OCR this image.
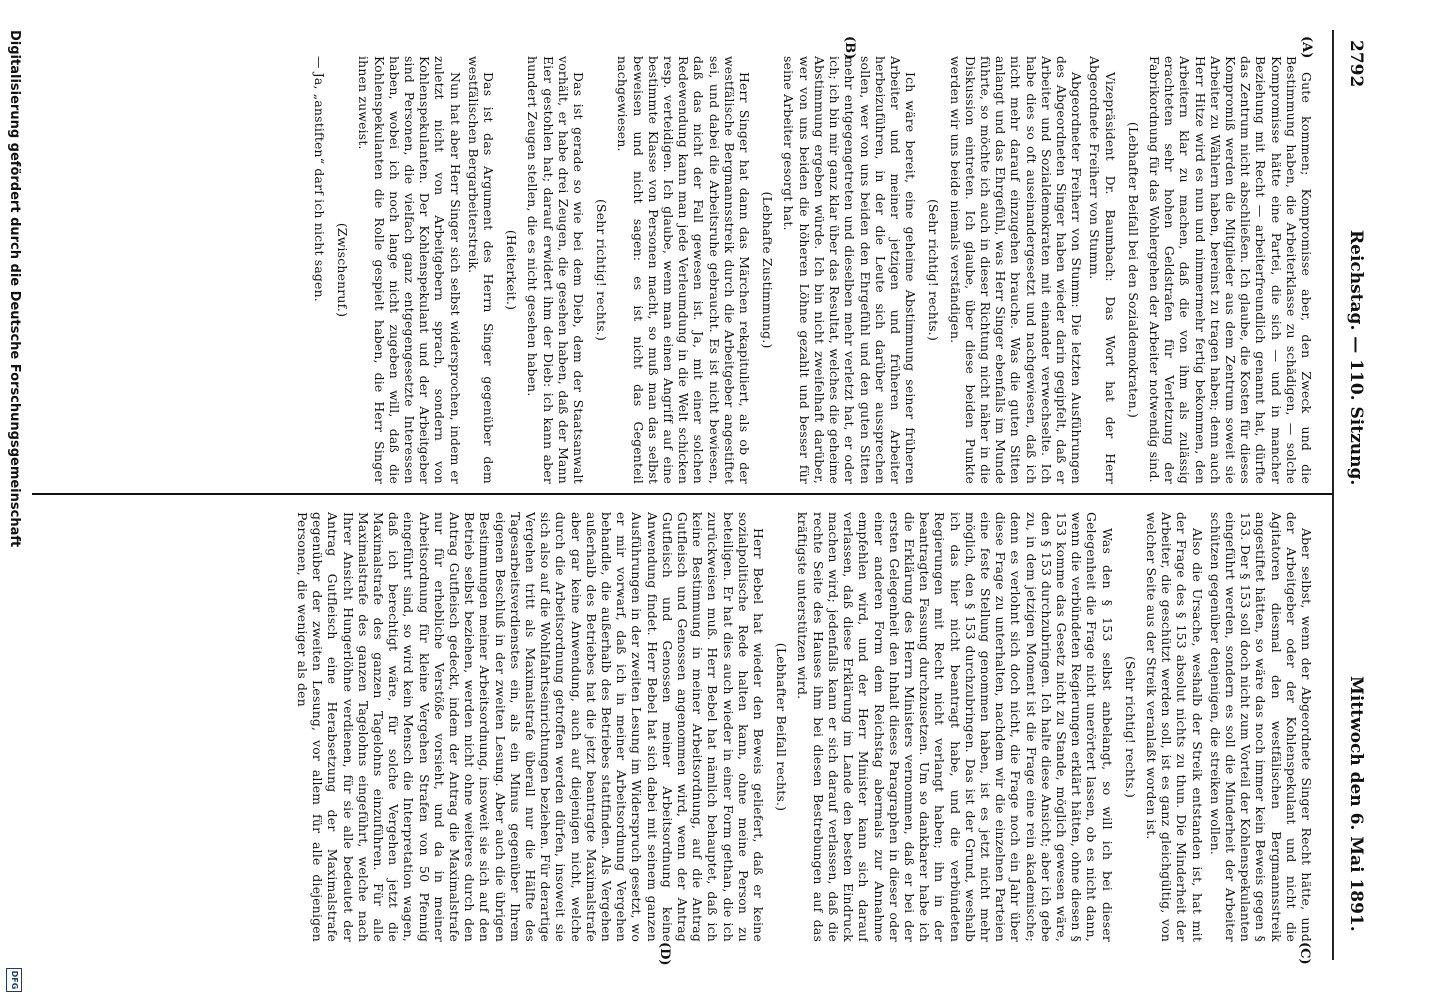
2792
Reichstag. — 110. Sitzung.
Mittwoch den 6. Mai 1891.
(A)
(B)
(C)
(D)

Gute kommen; Kompromisse aber, den Zweck und die Bestimmung haben, die Arbeiterklasse zu schädigen, — solche Kompromisse hätte eine Partei, die sich — und in mancher Beziehung mit Recht — arbeiterfreundlich genannt hat, dürfte das Zentrum nicht abschließen. Ich glaube, die Kosten für dieses Kompromiß werden die Mitglieder aus dem Zentrum soweit sie Arbeiter zu Wählern haben, bereinst zu tragen haben; denn auch Herr Hitze wird es nun und nimmermehr fertig bekommen, den Arbeitern klar zu machen, daß die von ihm als zulässig erachteten sehr hohen Geldstrafen für Verletzung der Fabrikordnung für das Wohlergehen der Arbeiter notwendig sind.

(Lebhafter Beifall bei den Sozialdemokraten.)

Vizepräsident Dr. Baumbach: Das Wort hat der Herr Abgeordnete Freiherr von Stumm.

Abgeordneter Freiherr von Stumm: Die letzten Ausführungen des Abgeordneten Singer haben wieder darin gegipfelt, daß er Arbeiter und Sozialdemokraten mit einander verwechselte. Ich habe dies so oft auseinandergesetzt und nachgewiesen, daß ich nicht mehr darauf einzugehen brauche. Was die guten Sitten anlangt und das Ehrgefühl, was Herr Singer ebenfalls im Munde führte, so möchte ich auch in dieser Richtung nicht näher in die Diskussion eintreten. Ich glaube, über diese beiden Punkte werden wir uns beide niemals verständigen.

(Sehr richtig! rechts.)

Ich wäre bereit, eine geheime Abstimmung seiner früheren Arbeiter und meiner jetzigen und früheren Arbeiter herbeizuführen, in der die Leute sich darüber aussprechen sollen, wer von uns beiden den Ehrgefühl und den guten Sitten mehr entgegengetreten und dieselben mehr verletzt hat, er oder ich; ich bin mir ganz klar über das Resultat, welches die geheime Abstimmung ergeben würde. Ich bin nicht zweifelhaft darüber, wer von uns beiden die höheren Löhne gezahlt und besser für seine Arbeiter gesorgt hat.

(Lebhafte Zustimmung.)

Herr Singer hat dann das Märchen rekapituliert, als ob der westfälische Bergmannsstreik durch die Arbeitgeber angestiftet sei, und dabei die Arbeitsruhe gebraucht. Es ist nicht bewiesen, daß das nicht der Fall gewesen ist. Ja, mit einer solchen Redewendung kann man jede Verleumdung in die Welt schicken resp. verteidigen. Ich glaube, wenn man einen Angriff auf eine bestimmte Klasse von Personen macht, so muß man das selbst beweisen und nicht sagen: es ist nicht das Gegenteil nachgewiesen.

(Sehr richtig! rechts.)

Das ist gerade so wie bei dem Dieb, dem der Staatsanwalt vorhält, er habe drei Zeugen, die gesehen haben, daß der Mann Eier gestohlen hat; darauf erwidert ihm der Dieb: ich kann aber hundert Zeugen stellen, die es nicht gesehen haben.

(Heiterkeit.)

Das ist das Argument des Herrn Singer gegenüber dem westfälischen Bergarbeiterstreik.

Nun hat aber Herr Singer sich selbst widersprochen, indem er zuletzt nicht von Arbeitgebern sprach, sondern von Kohlenspekulanten. Der Kohlenspekulant und der Arbeitgeber sind Personen, die vielfach ganz entgegengesetzte Interessen haben, wobei ich noch lange nicht zugeben will, daß die Kohlenspekulanten die Rolle gespielt haben, die Herr Singer ihnen zuweist.

(Zwischenruf.)

— Ja, „anstiften“ darf ich nicht sagen.

Aber selbst, wenn der Abgeordnete Singer Recht hätte, und der Arbeitgeber oder der Kohlenspekulant und nicht die Agitatoren diesmal den westfälischen Bergmannsstreik angestiftet hätten, so wäre das noch immer kein Beweis gegen § 153. Der § 153 soll doch nicht zum Vorteil der Kohlenspekulanten eingeführt werden, sondern es soll die Minderheit der Arbeiter schützen gegenüber denjenigen, die streiken wollen.

Also die Ursache, weshalb der Streik entstanden ist, hat mit der Frage des § 153 absolut nichts zu thun. Die Minderheit der Arbeiter, die geschützt werden soll, ist es ganz gleichgültig, von welcher Seite aus der Streik veranlaßt worden ist.

(Sehr richtig! rechts.)

Was den § 153 selbst anbelangt, so will ich bei dieser Gelegenheit die Frage nicht unerörtert lassen, ob es nicht dann, wenn die verbündeten Regierungen erklärt hätten, ohne diesen § 153 komme das Gesetz nicht zu Stande, möglich gewesen wäre, den § 153 durchzubringen. Ich halte diese Ansicht; aber ich gebe zu, in dem jetzigen Moment ist die Frage eine rein akademische; denn es verlohnt sich doch nicht, die Frage noch ein Jahr über diese Frage zu unterhalten, nachdem wir die einzelnen Parteien eine feste Stellung genommen haben, ist es jetzt nicht mehr möglich, den § 153 durchzubringen. Das ist der Grund, weshalb ich das hier nicht beantragt habe, und die verbündeten Regierungen mit Recht nicht verlangt haben; ihn in der beantragten Fassung durchzusetzen. Um so dankbarer habe ich die Erklärung des Herrn Ministers vernommen, daß er bei der ersten Gelegenheit den Inhalt dieses Paragraphen in dieser oder einer anderen Form dem Reichstag abermals zur Annahme empfehlen wird, und der Herr Minister kann sich darauf verlassen, daß diese Erklärung im Lande den besten Eindruck machen wird; jedenfalls kann er sich darauf verlassen, daß die rechte Seite des Hauses ihm bei diesen Bestrebungen auf das kräftigste unterstützen wird.

(Lebhafter Beifall rechts.)

Herr Bebel hat wieder den Beweis geliefert, daß er keine sozialpolitische Rede halten kann, ohne meine Person zu beteiligen. Er hat dies auch wieder in einer Form gethan, die ich zurückweisen muß. Herr Bebel hat nämlich behauptet, daß ich keine Bestimmung in meiner Arbeitsordnung, auf die Antrag Gutfleisch und Genossen angenommen wird, wenn der Antrag Gutfleisch und Genossen meiner Arbeitsordnung keine Anwendung findet. Herr Bebel hat sich dabei mit seinem ganzen Ausführungen in der zweiten Lesung im Widerspruch gesetzt, wo er mir vorwarf, daß ich in meiner Arbeitsordnung Vergehen behandle, die außerhalb des Betriebes stattfinden. Als Vergehen außerhalb des Betriebes hat die jetzt beantragte Maximalstrafe aber gar keine Anwendung, auch auf diejenigen nicht, welche durch die Arbeitsordnung getroffen werden dürfen, insoweit sie sich also auf die Wohlfahrtseinrichtungen beziehen. Für derartige Vergehen tritt als Maximalstrafe überall nur die Hälfte des Tagesarbeitsverdienstes ein, als ein Minus gegenüber Ihrem eigenen Beschluß in der zweiten Lesung. Aber auch die übrigen Bestimmungen meiner Arbeitsordnung, insoweit sie sich auf den Betrieb selbst beziehen, werden nicht ohne weiteres durch den Antrag Gutfleisch gedeckt, indem der Antrag die Maximalstrafe nur für erhebliche Verstöße vorsieht, und da in meiner Arbeitsordnung für kleine Vergehen Strafen von 50 Pfennig eingeführt sind, so wird kein Mensch die Interpretation wagen, daß ich berechtigt wäre, für solche Vergehen jetzt die Maximalstrafe des ganzen Tagelohns einzuführen. Für alle Maximalstrafe des ganzen Tagelohns eingeführt, welche nach Ihrer Ansicht Hungerlöhne verdienen, für sie alle bedeutet der Antrag Gutfleisch eine Herabsetzung der Maximalstrafe gegenüber der zweiten Lesung, vor allem für alle diejenigen Personen, die weniger als den

Digitalisierung gefördert durch die Deutsche Forschungsgemeinschaft
DFG
